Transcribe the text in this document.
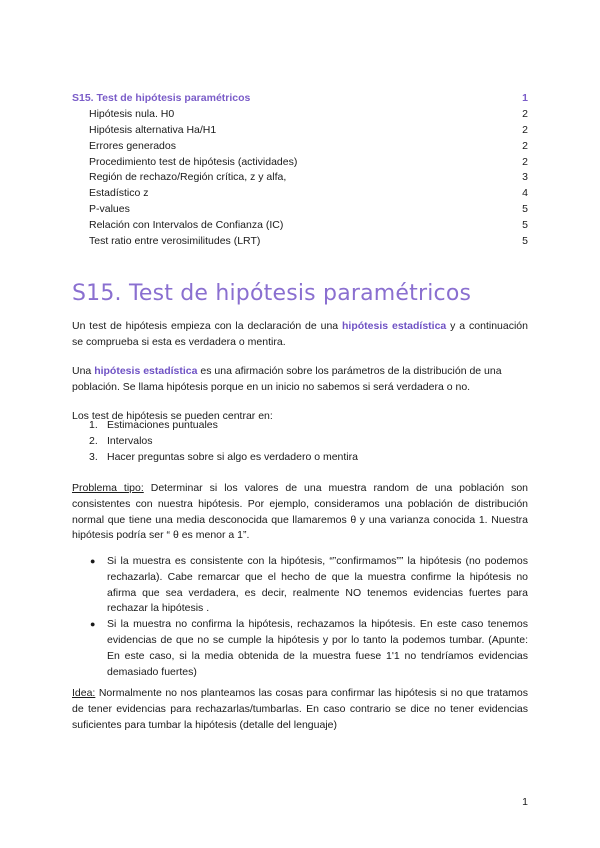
S15. Test de hipótesis paramétricos	1
Hipótesis nula. H0	2
Hipótesis alternativa Ha/H1	2
Errores generados	2
Procedimiento test de hipótesis (actividades)	2
Región de rechazo/Región crítica, z y alfa,	3
Estadístico z	4
P-values	5
Relación con Intervalos de Confianza (IC)	5
Test ratio entre verosimilitudes (LRT)	5
S15. Test de hipótesis paramétricos

Un test de hipótesis empieza con la declaración de una hipótesis estadística y a continuación se comprueba si esta es verdadera o mentira.

Una hipótesis estadística es una afirmación sobre los parámetros de la distribución de una población. Se llama hipótesis porque en un inicio no sabemos si será verdadera o no.

Los test de hipótesis se pueden centrar en:

1. Estimaciones puntuales
2. Intervalos
3. Hacer preguntas sobre si algo es verdadero o mentira

Problema tipo: Determinar si los valores de una muestra random de una población son consistentes con nuestra hipótesis. Por ejemplo, consideramos una población de distribución normal que tiene una media desconocida que llamaremos θ y una varianza conocida 1. Nuestra hipótesis podría ser “ θ es menor a 1”.

● Si la muestra es consistente con la hipótesis, “”confirmamos”” la hipótesis (no podemos rechazarla). Cabe remarcar que el hecho de que la muestra confirme la hipótesis no afirma que sea verdadera, es decir, realmente NO tenemos evidencias fuertes para rechazar la hipótesis .
● Si la muestra no confirma la hipótesis, rechazamos la hipótesis. En este caso tenemos evidencias de que no se cumple la hipótesis y por lo tanto la podemos tumbar. (Apunte: En este caso, si la media obtenida de la muestra fuese 1'1 no tendríamos evidencias demasiado fuertes)

Idea: Normalmente no nos planteamos las cosas para confirmar las hipótesis si no que tratamos de tener evidencias para rechazarlas/tumbarlas. En caso contrario se dice no tener evidencias suficientes para tumbar la hipótesis (detalle del lenguaje)

1
